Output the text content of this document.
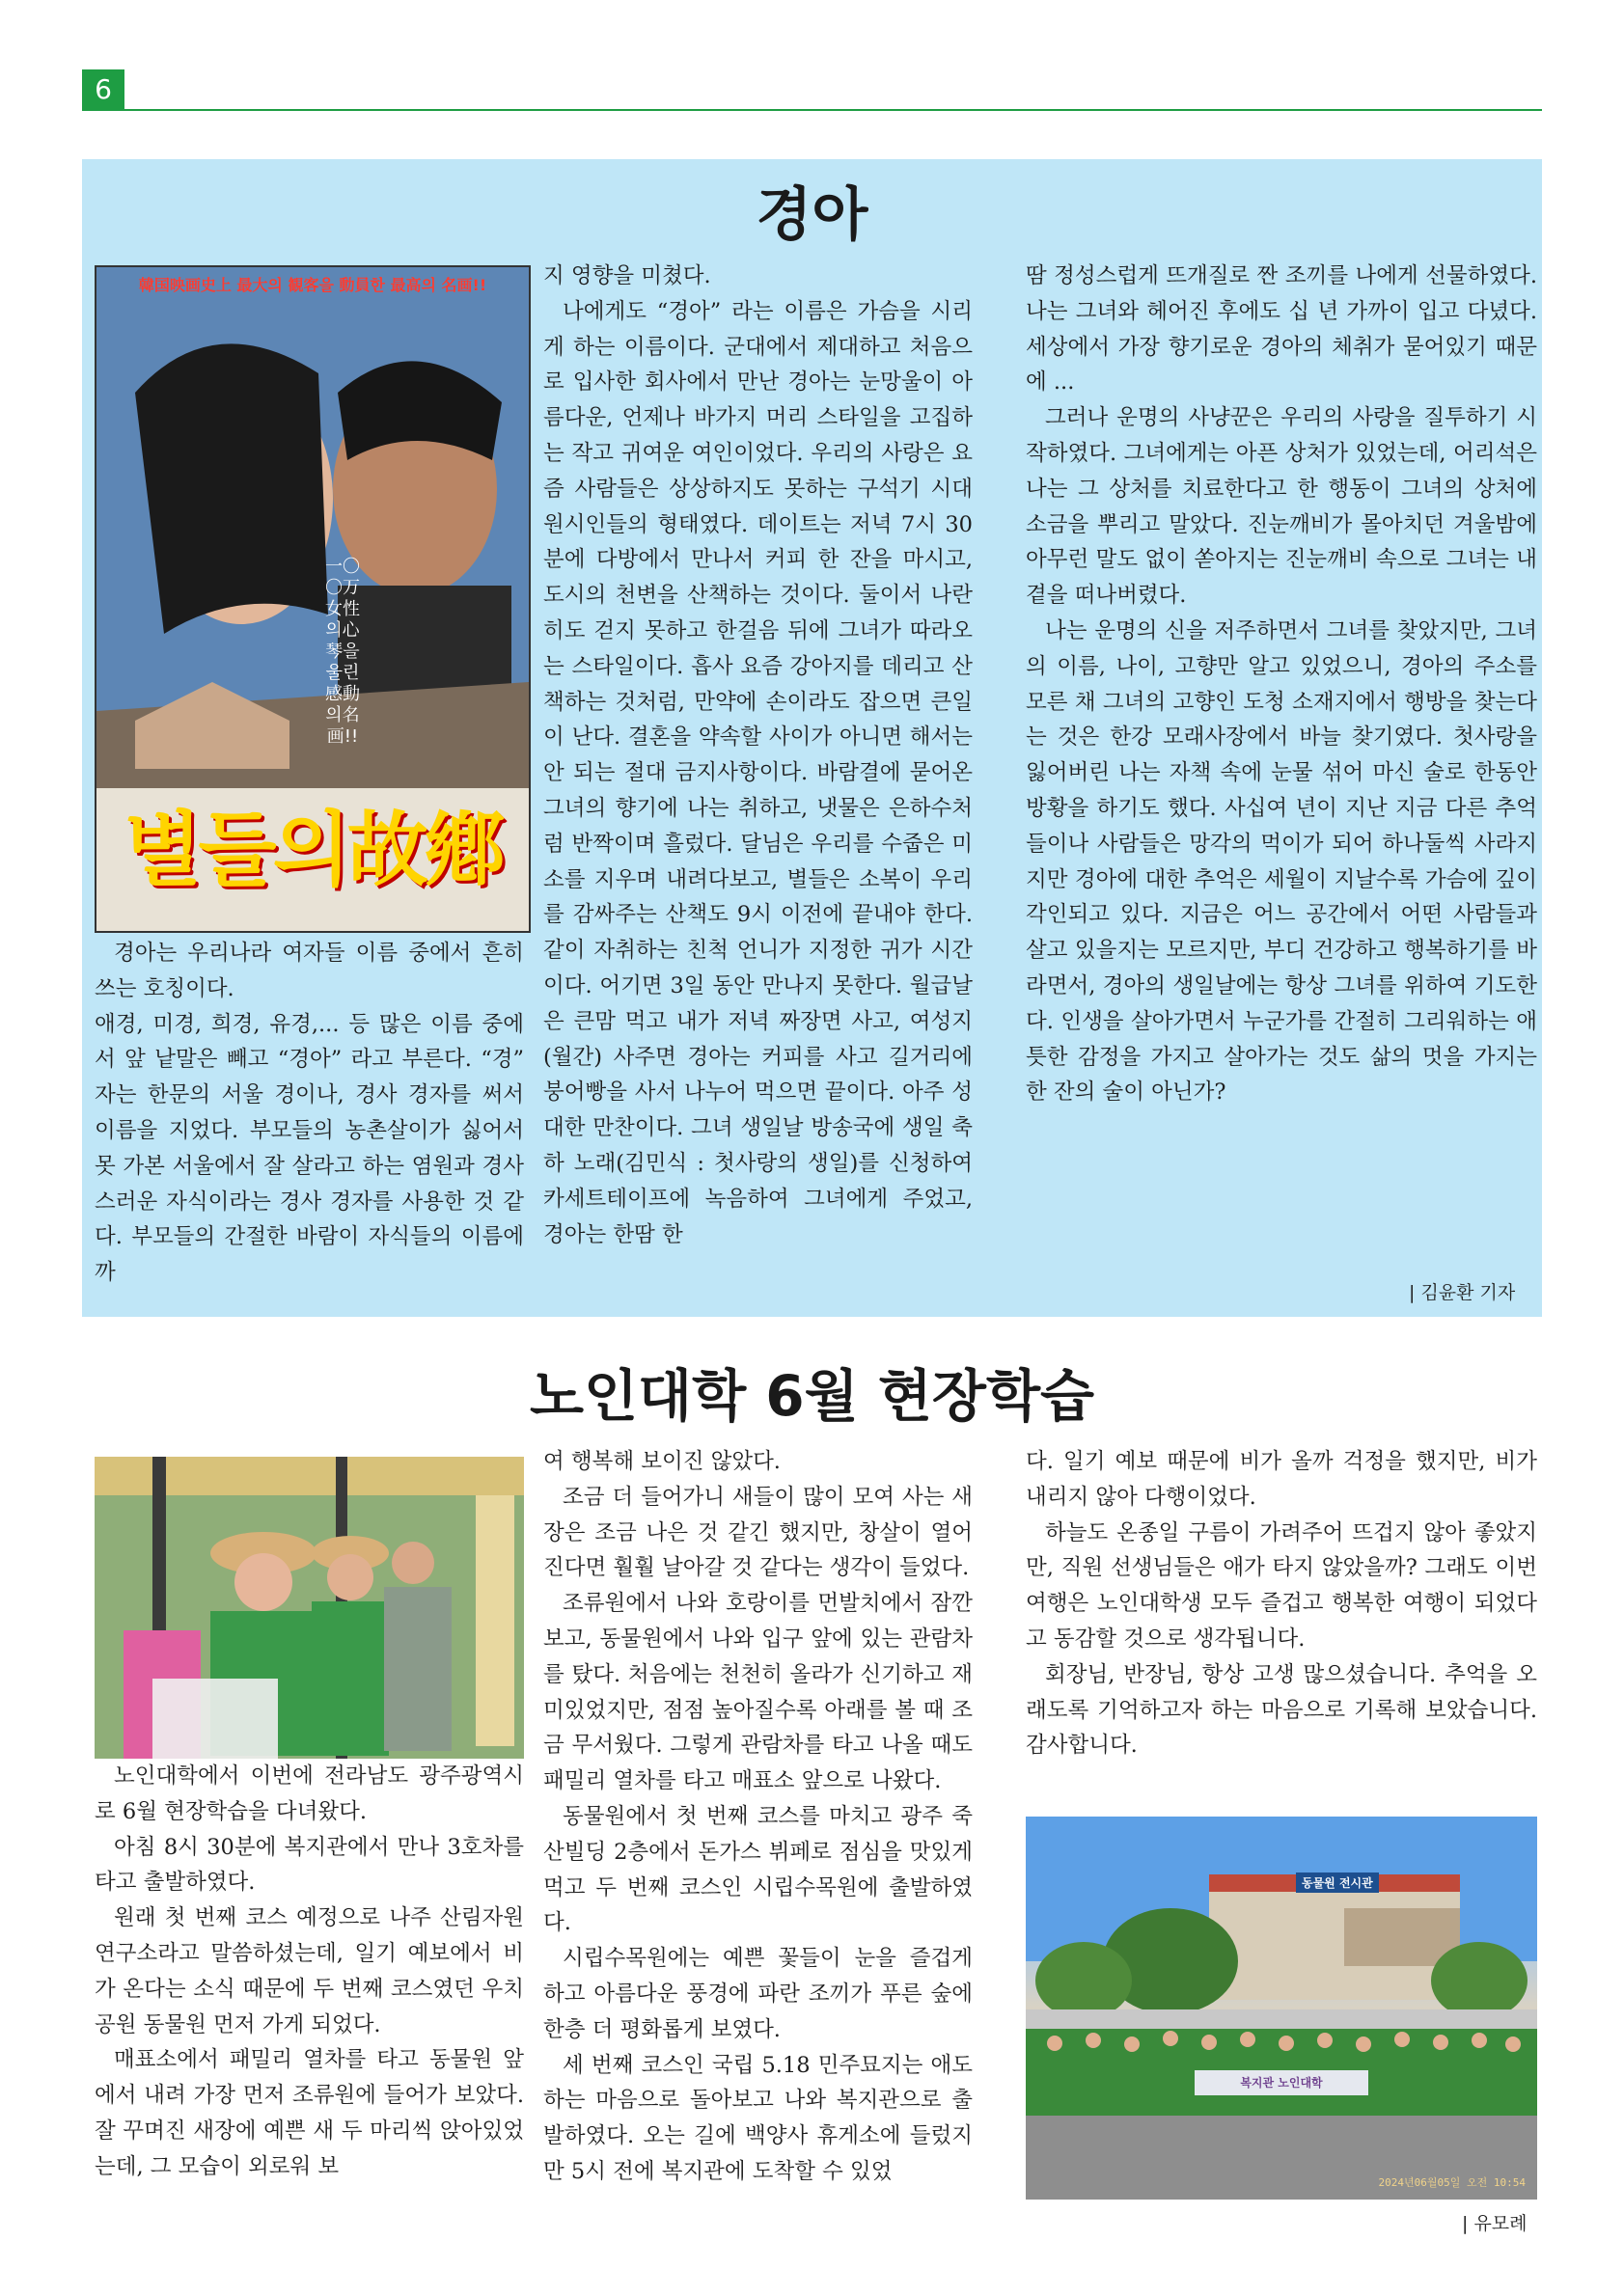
6
경아
韓国映画史上 最大의 観客을 動員한 最高의 名画!!
一〇〇万女性의心琴을울린感動의名画!!
별들의故鄕

경아는 우리나라 여자들 이름 중에서 흔히 쓰는 호칭이다.

애경, 미경, 희경, 유경,... 등 많은 이름 중에서 앞 낱말은 빼고 “경아” 라고 부른다. “경” 자는 한문의 서울 경이나, 경사 경자를 써서 이름을 지었다. 부모들의 농촌살이가 싫어서 못 가본 서울에서 잘 살라고 하는 염원과 경사스러운 자식이라는 경사 경자를 사용한 것 같다. 부모들의 간절한 바람이 자식들의 이름에까

지 영향을 미쳤다.

나에게도 “경아” 라는 이름은 가슴을 시리게 하는 이름이다. 군대에서 제대하고 처음으로 입사한 회사에서 만난 경아는 눈망울이 아름다운, 언제나 바가지 머리 스타일을 고집하는 작고 귀여운 여인이었다. 우리의 사랑은 요즘 사람들은 상상하지도 못하는 구석기 시대 원시인들의 형태였다. 데이트는 저녁 7시 30분에 다방에서 만나서 커피 한 잔을 마시고, 도시의 천변을 산책하는 것이다. 둘이서 나란히도 걷지 못하고 한걸음 뒤에 그녀가 따라오는 스타일이다. 흡사 요즘 강아지를 데리고 산책하는 것처럼, 만약에 손이라도 잡으면 큰일이 난다. 결혼을 약속할 사이가 아니면 해서는 안 되는 절대 금지사항이다. 바람결에 묻어온 그녀의 향기에 나는 취하고, 냇물은 은하수처럼 반짝이며 흘렀다. 달님은 우리를 수줍은 미소를 지우며 내려다보고, 별들은 소복이 우리를 감싸주는 산책도 9시 이전에 끝내야 한다. 같이 자취하는 친척 언니가 지정한 귀가 시간이다. 어기면 3일 동안 만나지 못한다. 월급날은 큰맘 먹고 내가 저녁 짜장면 사고, 여성지(월간) 사주면 경아는 커피를 사고 길거리에 붕어빵을 사서 나누어 먹으면 끝이다. 아주 성대한 만찬이다. 그녀 생일날 방송국에 생일 축하 노래(김민식 : 첫사랑의 생일)를 신청하여 카세트테이프에 녹음하여 그녀에게 주었고, 경아는 한땀 한

땀 정성스럽게 뜨개질로 짠 조끼를 나에게 선물하였다. 나는 그녀와 헤어진 후에도 십 년 가까이 입고 다녔다. 세상에서 가장 향기로운 경아의 체취가 묻어있기 때문에 ...

그러나 운명의 사냥꾼은 우리의 사랑을 질투하기 시작하였다. 그녀에게는 아픈 상처가 있었는데, 어리석은 나는 그 상처를 치료한다고 한 행동이 그녀의 상처에 소금을 뿌리고 말았다. 진눈깨비가 몰아치던 겨울밤에 아무런 말도 없이 쏟아지는 진눈깨비 속으로 그녀는 내 곁을 떠나버렸다.

나는 운명의 신을 저주하면서 그녀를 찾았지만, 그녀의 이름, 나이, 고향만 알고 있었으니, 경아의 주소를 모른 채 그녀의 고향인 도청 소재지에서 행방을 찾는다는 것은 한강 모래사장에서 바늘 찾기였다. 첫사랑을 잃어버린 나는 자책 속에 눈물 섞어 마신 술로 한동안 방황을 하기도 했다. 사십여 년이 지난 지금 다른 추억들이나 사람들은 망각의 먹이가 되어 하나둘씩 사라지지만 경아에 대한 추억은 세월이 지날수록 가슴에 깊이 각인되고 있다. 지금은 어느 공간에서 어떤 사람들과 살고 있을지는 모르지만, 부디 건강하고 행복하기를 바라면서, 경아의 생일날에는 항상 그녀를 위하여 기도한다. 인생을 살아가면서 누군가를 간절히 그리워하는 애틋한 감정을 가지고 살아가는 것도 삶의 멋을 가지는 한 잔의 술이 아닌가?

| 김윤환 기자
노인대학 6월 현장학습
동물원 전시관
복지관 노인대학
2024년06월05일 오전 10:54

노인대학에서 이번에 전라남도 광주광역시로 6월 현장학습을 다녀왔다.

아침 8시 30분에 복지관에서 만나 3호차를 타고 출발하였다.

원래 첫 번째 코스 예정으로 나주 산림자원연구소라고 말씀하셨는데, 일기 예보에서 비가 온다는 소식 때문에 두 번째 코스였던 우치공원 동물원 먼저 가게 되었다.

매표소에서 패밀리 열차를 타고 동물원 앞에서 내려 가장 먼저 조류원에 들어가 보았다. 잘 꾸며진 새장에 예쁜 새 두 마리씩 앉아있었는데, 그 모습이 외로워 보

여 행복해 보이진 않았다.

조금 더 들어가니 새들이 많이 모여 사는 새장은 조금 나은 것 같긴 했지만, 창살이 열어진다면 훨훨 날아갈 것 같다는 생각이 들었다.

조류원에서 나와 호랑이를 먼발치에서 잠깐 보고, 동물원에서 나와 입구 앞에 있는 관람차를 탔다. 처음에는 천천히 올라가 신기하고 재미있었지만, 점점 높아질수록 아래를 볼 때 조금 무서웠다. 그렇게 관람차를 타고 나올 때도 패밀리 열차를 타고 매표소 앞으로 나왔다.

동물원에서 첫 번째 코스를 마치고 광주 죽산빌딩 2층에서 돈가스 뷔페로 점심을 맛있게 먹고 두 번째 코스인 시립수목원에 출발하였다.

시립수목원에는 예쁜 꽃들이 눈을 즐겁게 하고 아름다운 풍경에 파란 조끼가 푸른 숲에 한층 더 평화롭게 보였다.

세 번째 코스인 국립 5.18 민주묘지는 애도하는 마음으로 돌아보고 나와 복지관으로 출발하였다. 오는 길에 백양사 휴게소에 들렀지만 5시 전에 복지관에 도착할 수 있었

다. 일기 예보 때문에 비가 올까 걱정을 했지만, 비가 내리지 않아 다행이었다.

하늘도 온종일 구름이 가려주어 뜨겁지 않아 좋았지만, 직원 선생님들은 애가 타지 않았을까? 그래도 이번 여행은 노인대학생 모두 즐겁고 행복한 여행이 되었다고 동감할 것으로 생각됩니다.

회장님, 반장님, 항상 고생 많으셨습니다. 추억을 오래도록 기억하고자 하는 마음으로 기록해 보았습니다. 감사합니다.

| 유모례
